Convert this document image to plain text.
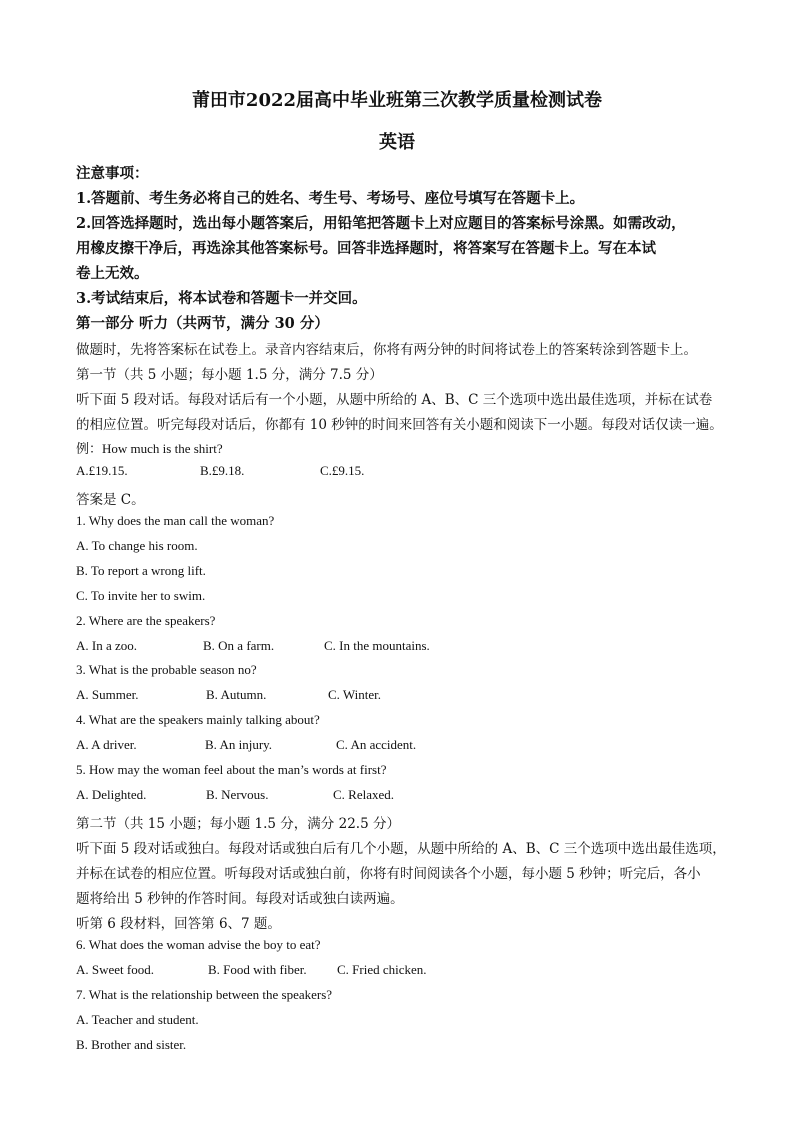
莆田市2022届高中毕业班第三次教学质量检测试卷
英语
注意事项：
1.答题前、考生务必将自己的姓名、考生号、考场号、座位号填写在答题卡上。
2.回答选择题时，选出每小题答案后，用铅笔把答题卡上对应题目的答案标号涂黑。如需改动，
用橡皮擦干净后，再选涂其他答案标号。回答非选择题时，将答案写在答题卡上。写在本试
卷上无效。
3.考试结束后，将本试卷和答题卡一并交回。
第一部分 听力（共两节，满分 30 分）
做题时，先将答案标在试卷上。录音内容结束后，你将有两分钟的时间将试卷上的答案转涂到答题卡上。
第一节（共 5 小题；每小题 1.5 分，满分 7.5 分）
听下面 5 段对话。每段对话后有一个小题，从题中所给的 A、B、C 三个选项中选出最佳选项，并标在试卷
的相应位置。听完每段对话后，你都有 10 秒钟的时间来回答有关小题和阅读下一小题。每段对话仅读一遍。
例：How much is the shirt?
A.£19.15.	B.£9.18.	C.£9.15.
答案是 C。
1. Why does the man call the woman?
A. To change his room.
B. To report a wrong lift.
C. To invite her to swim.
2. Where are the speakers?
A. In a zoo.	B. On a farm.	C. In the mountains.
3. What is the probable season no?
A. Summer.	B. Autumn.	C. Winter.
4. What are the speakers mainly talking about?
A. A driver.	B. An injury.	C. An accident.
5. How may the woman feel about the man’s words at first?
A. Delighted.	B. Nervous.	C. Relaxed.
第二节（共 15 小题；每小题 1.5 分，满分 22.5 分）
听下面 5 段对话或独白。每段对话或独白后有几个小题，从题中所给的 A、B、C 三个选项中选出最佳选项，
并标在试卷的相应位置。听每段对话或独白前，你将有时间阅读各个小题，每小题 5 秒钟；听完后，各小
题将给出 5 秒钟的作答时间。每段对话或独白读两遍。
听第 6 段材料，回答第 6、7 题。
6. What does the woman advise the boy to eat?
A. Sweet food.	B. Food with fiber. C. Fried chicken.
7. What is the relationship between the speakers?
A. Teacher and student.
B. Brother and sister.
